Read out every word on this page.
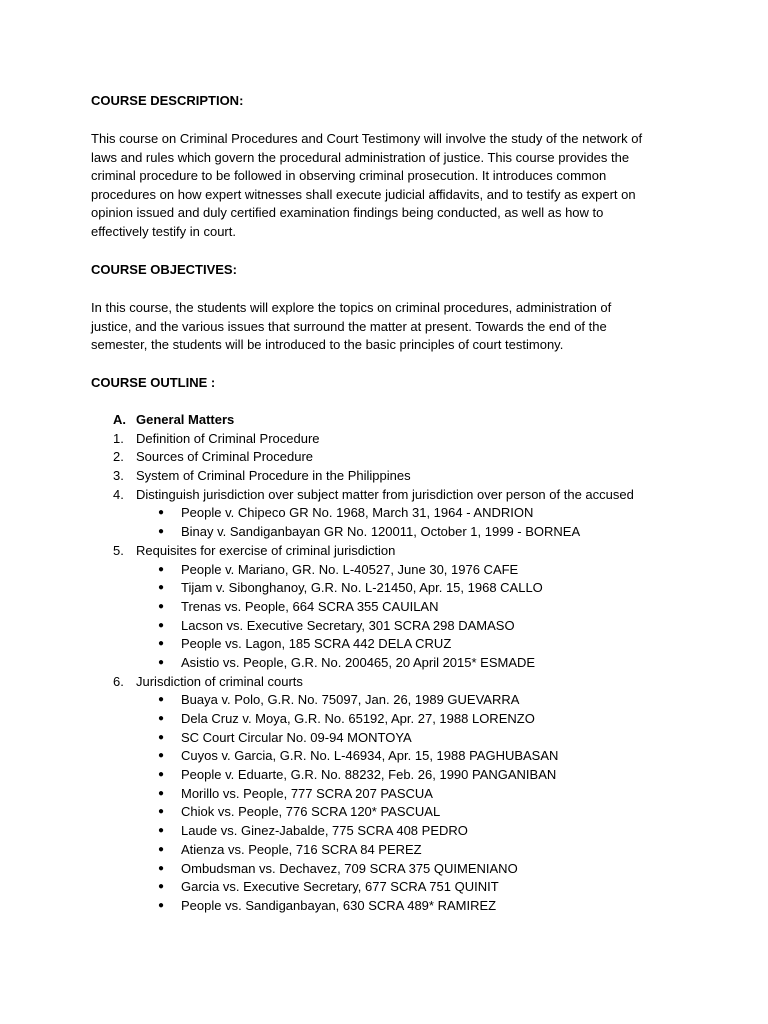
COURSE DESCRIPTION:
This course on Criminal Procedures and Court Testimony will involve the study of the network of
laws and rules which govern the procedural administration of justice. This course provides the
criminal procedure to be followed in observing criminal prosecution. It introduces common
procedures on how expert witnesses shall execute judicial affidavits, and to testify as expert on
opinion issued and duly certified examination findings being conducted, as well as how to
effectively testify in court.
COURSE OBJECTIVES:
In this course, the students will explore the topics on criminal procedures, administration of
justice, and the various issues that surround the matter at present. Towards the end of the
semester, the students will be introduced to the basic principles of court testimony.
COURSE OUTLINE :
A. General Matters
1. Definition of Criminal Procedure
2. Sources of Criminal Procedure
3. System of Criminal Procedure in the Philippines
4. Distinguish jurisdiction over subject matter from jurisdiction over person of the accused
● People v. Chipeco GR No. 1968, March 31, 1964 - ANDRION
● Binay v. Sandiganbayan GR No. 120011, October 1, 1999 - BORNEA
5. Requisites for exercise of criminal jurisdiction
● People v. Mariano, GR. No. L-40527, June 30, 1976 CAFE
● Tijam v. Sibonghanoy, G.R. No. L-21450, Apr. 15, 1968 CALLO
● Trenas vs. People, 664 SCRA 355 CAUILAN
● Lacson vs. Executive Secretary, 301 SCRA 298 DAMASO
● People vs. Lagon, 185 SCRA 442 DELA CRUZ
● Asistio vs. People, G.R. No. 200465, 20 April 2015* ESMADE
6. Jurisdiction of criminal courts
● Buaya v. Polo, G.R. No. 75097, Jan. 26, 1989 GUEVARRA
● Dela Cruz v. Moya, G.R. No. 65192, Apr. 27, 1988 LORENZO
● SC Court Circular No. 09-94 MONTOYA
● Cuyos v. Garcia, G.R. No. L-46934, Apr. 15, 1988 PAGHUBASAN
● People v. Eduarte, G.R. No. 88232, Feb. 26, 1990 PANGANIBAN
● Morillo vs. People, 777 SCRA 207 PASCUA
● Chiok vs. People, 776 SCRA 120* PASCUAL
● Laude vs. Ginez-Jabalde, 775 SCRA 408 PEDRO
● Atienza vs. People, 716 SCRA 84 PEREZ
● Ombudsman vs. Dechavez, 709 SCRA 375 QUIMENIANO
● Garcia vs. Executive Secretary, 677 SCRA 751 QUINIT
● People vs. Sandiganbayan, 630 SCRA 489* RAMIREZ
